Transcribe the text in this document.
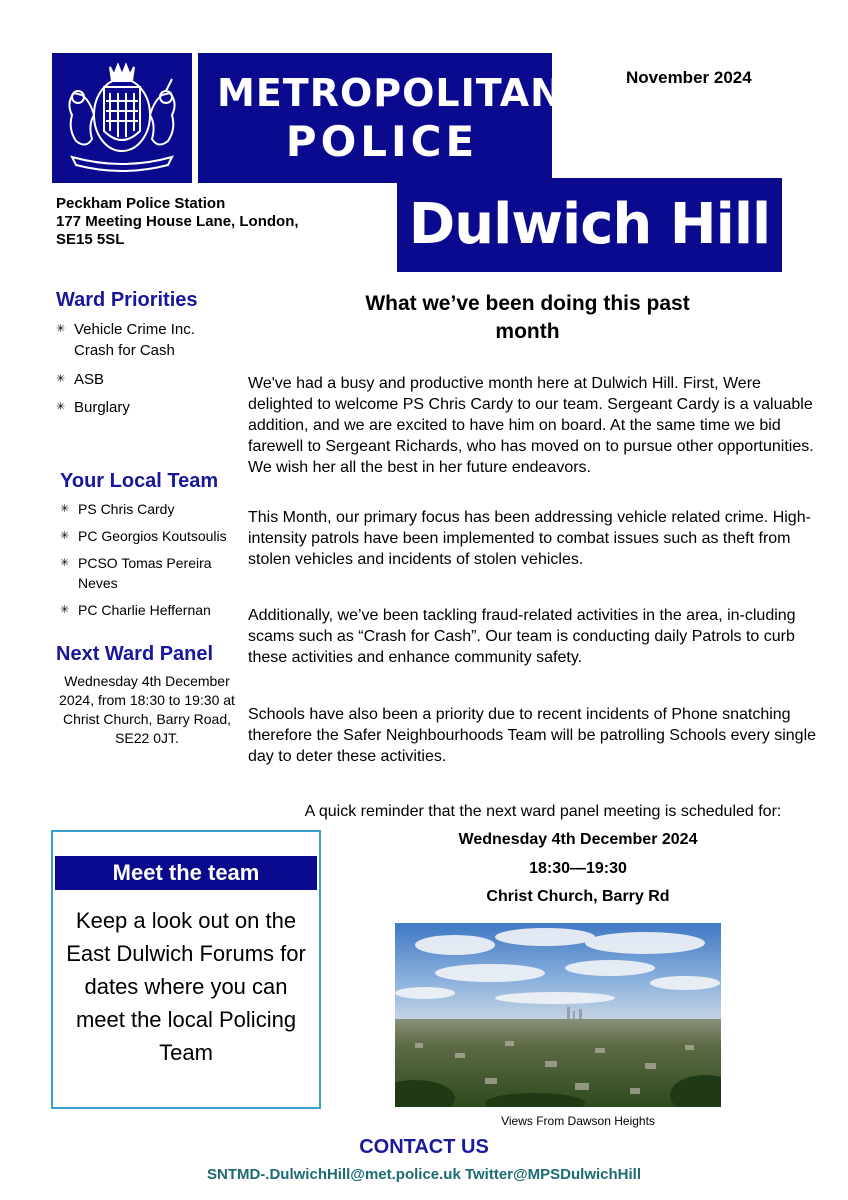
METROPOLITAN
POLICE
November 2024
Peckham Police Station
177 Meeting House Lane, London,
SE15 5SL	Dulwich Hill
Ward Priorities
✳ Vehicle Crime Inc. Crash for Cash
✳ ASB
✳ Burglary
Your Local Team
✳ PS Chris Cardy
✳ PC Georgios Koutsoulis
✳ PCSO Tomas Pereira Neves
✳ PC Charlie Heffernan
Next Ward Panel
Wednesday 4th December 2024, from 18:30 to 19:30 at Christ Church, Barry Road, SE22 0JT.
What we’ve been doing this past
month
We've had a busy and productive month here at Dulwich Hill. First, Were delighted to welcome PS Chris Cardy to our team. Sergeant Cardy is a valuable addition, and we are excited to have him on board. At the same time we bid farewell to Sergeant Richards, who has moved on to pursue other opportunities. We wish her all the best in her future endeavors.
This Month, our primary focus has been addressing vehicle related crime. High-intensity patrols have been implemented to combat issues such as theft from stolen vehicles and incidents of stolen vehicles.
Additionally, we’ve been tackling fraud-related activities in the area, in-cluding scams such as “Crash for Cash”. Our team is conducting daily Patrols to curb these activities and enhance community safety.
Schools have also been a priority due to recent incidents of Phone snatching therefore the Safer Neighbourhoods Team will be patrolling Schools every single day to deter these activities.
A quick reminder that the next ward panel meeting is scheduled for:
Wednesday 4th December 2024
18:30—19:30
Christ Church, Barry Rd
Meet the team
Keep a look out on the East Dulwich Forums for dates where you can meet the local Policing Team
Views From Dawson Heights
CONTACT US
SNTMD-.DulwichHill@met.police.uk Twitter@MPSDulwichHill
